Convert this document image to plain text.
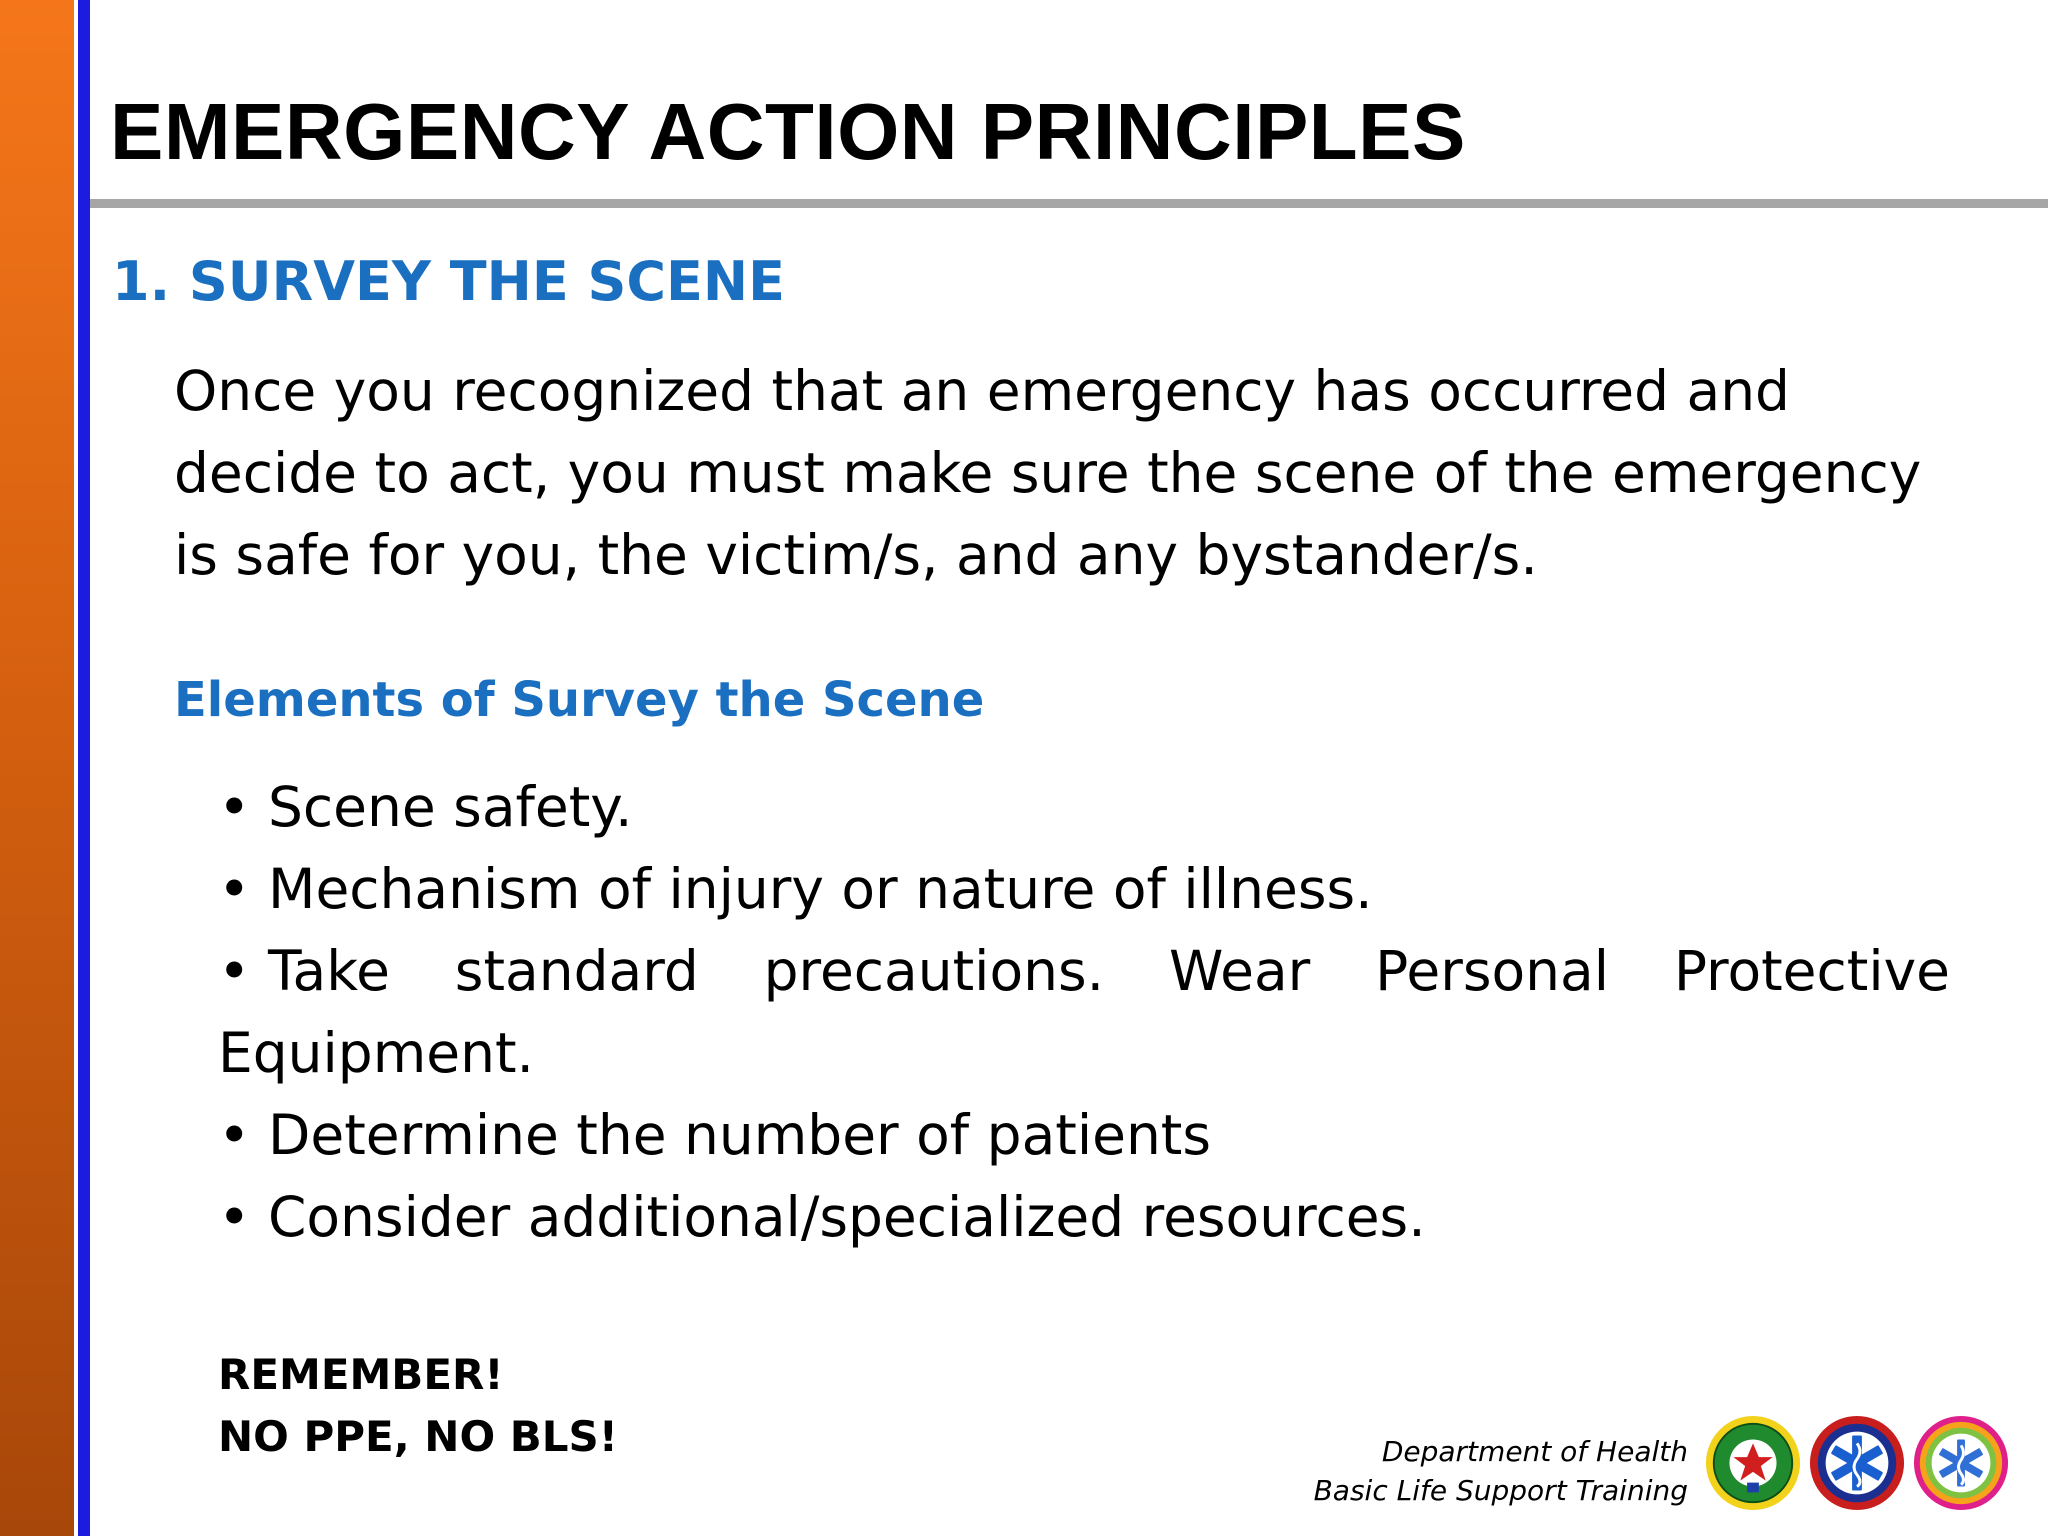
EMERGENCY ACTION PRINCIPLES
1. SURVEY THE SCENE
Once you recognized that an emergency has occurred and decide to act, you must make sure the scene of the emergency is safe for you, the victim/s, and any bystander/s.
Elements of Survey the Scene
• Scene safety.
• Mechanism of injury or nature of illness.
• Take standard precautions. Wear Personal Protective Equipment.
• Determine the number of patients
• Consider additional/specialized resources.
REMEMBER!
NO PPE, NO BLS!	Department of Health
Basic Life Support Training
